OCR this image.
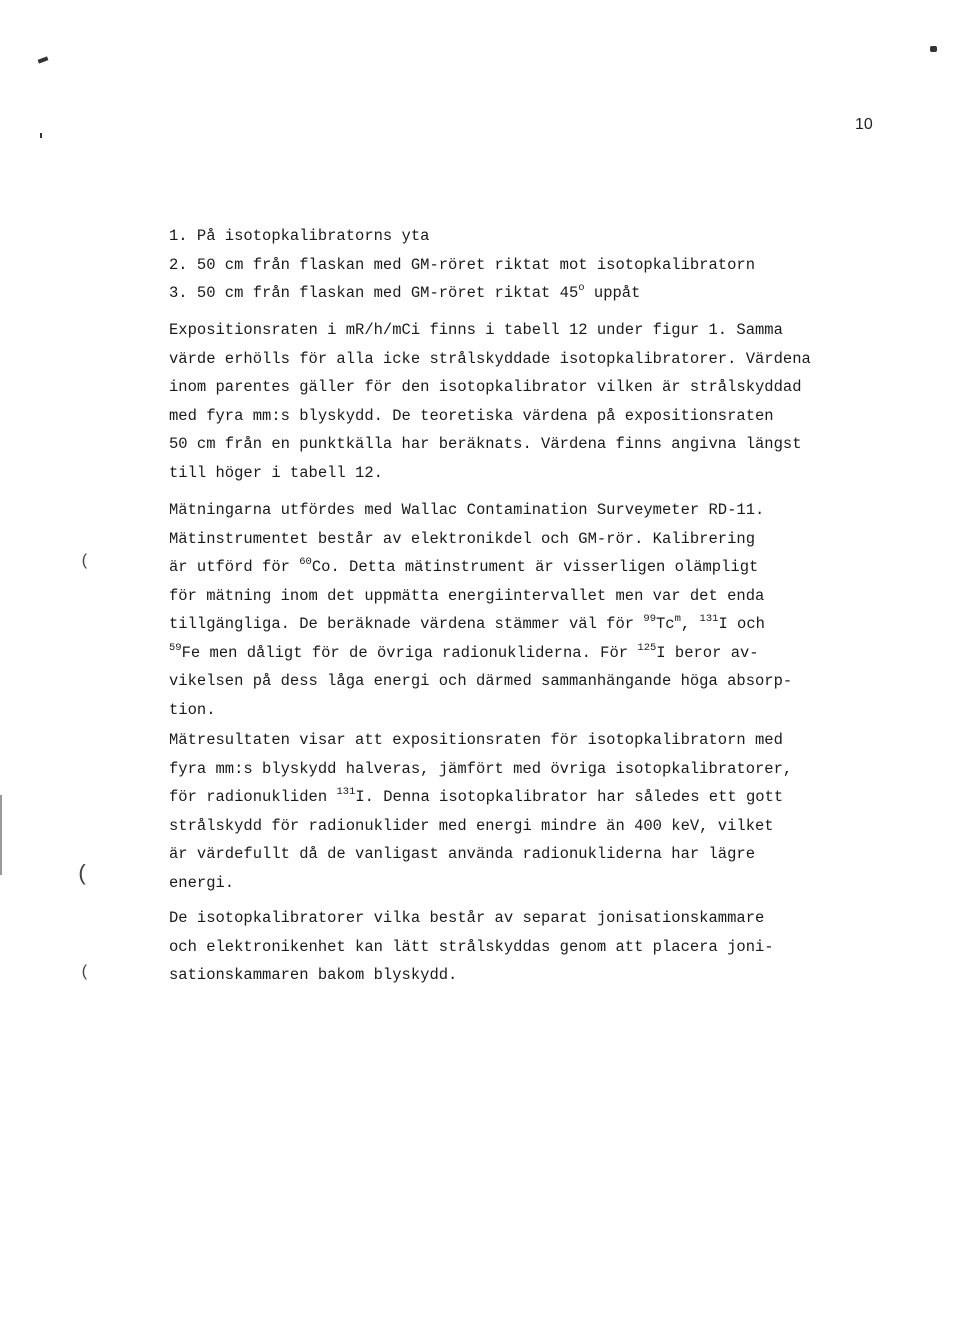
(
(
(
10
1. På isotopkalibratorns yta
2. 50 cm från flaskan med GM-röret riktat mot isotopkalibratorn
3. 50 cm från flaskan med GM-röret riktat 45$^o$ uppåt
Expositionsraten i mR/h/mCi finns i tabell 12 under figur 1. Samma
värde erhölls för alla icke strålskyddade isotopkalibratorer. Värdena
inom parentes gäller för den isotopkalibrator vilken är strålskyddad
med fyra mm:s blyskydd. De teoretiska värdena på expositionsraten
50 cm från en punktkälla har beräknats. Värdena finns angivna längst
till höger i tabell 12.
Mätningarna utfördes med Wallac Contamination Surveymeter RD-11.
Mätinstrumentet består av elektronikdel och GM-rör. Kalibrering
är utförd för $^{60}$Co. Detta mätinstrument är visserligen olämpligt
för mätning inom det uppmätta energiintervallet men var det enda
tillgängliga. De beräknade värdena stämmer väl för $^{99}$Tc$^m$, $^{131}$I och
$^{59}$Fe men dåligt för de övriga radionukliderna. För $^{125}$I beror av-
vikelsen på dess låga energi och därmed sammanhängande höga absorp-
tion.
Mätresultaten visar att expositionsraten för isotopkalibratorn med
fyra mm:s blyskydd halveras, jämfört med övriga isotopkalibratorer,
för radionukliden $^{131}$I. Denna isotopkalibrator har således ett gott
strålskydd för radionuklider med energi mindre än 400 keV, vilket
är värdefullt då de vanligast använda radionukliderna har lägre
energi.
De isotopkalibratorer vilka består av separat jonisationskammare
och elektronikenhet kan lätt strålskyddas genom att placera joni-
sationskammaren bakom blyskydd.
